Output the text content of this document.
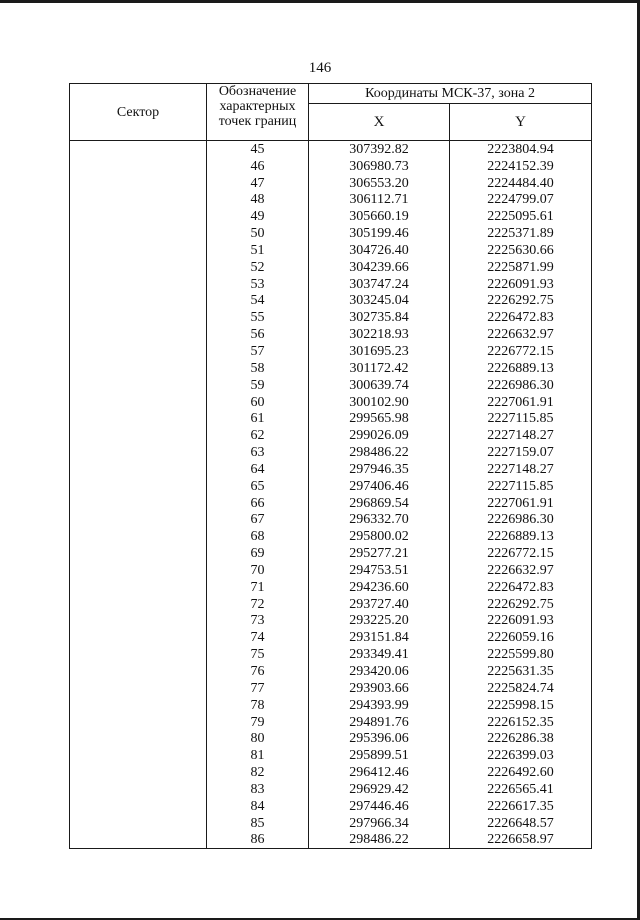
146
Сектор	Обозначение характерных точек границ	Координаты МСК-37, зона 2	
		X	Y
	45	307392.82	2223804.94
	46	306980.73	2224152.39
	47	306553.20	2224484.40
	48	306112.71	2224799.07
	49	305660.19	2225095.61
	50	305199.46	2225371.89
	51	304726.40	2225630.66
	52	304239.66	2225871.99
	53	303747.24	2226091.93
	54	303245.04	2226292.75
	55	302735.84	2226472.83
	56	302218.93	2226632.97
	57	301695.23	2226772.15
	58	301172.42	2226889.13
	59	300639.74	2226986.30
	60	300102.90	2227061.91
	61	299565.98	2227115.85
	62	299026.09	2227148.27
	63	298486.22	2227159.07
	64	297946.35	2227148.27
	65	297406.46	2227115.85
	66	296869.54	2227061.91
	67	296332.70	2226986.30
	68	295800.02	2226889.13
	69	295277.21	2226772.15
	70	294753.51	2226632.97
	71	294236.60	2226472.83
	72	293727.40	2226292.75
	73	293225.20	2226091.93
	74	293151.84	2226059.16
	75	293349.41	2225599.80
	76	293420.06	2225631.35
	77	293903.66	2225824.74
	78	294393.99	2225998.15
	79	294891.76	2226152.35
	80	295396.06	2226286.38
	81	295899.51	2226399.03
	82	296412.46	2226492.60
	83	296929.42	2226565.41
	84	297446.46	2226617.35
	85	297966.34	2226648.57
	86	298486.22	2226658.97
